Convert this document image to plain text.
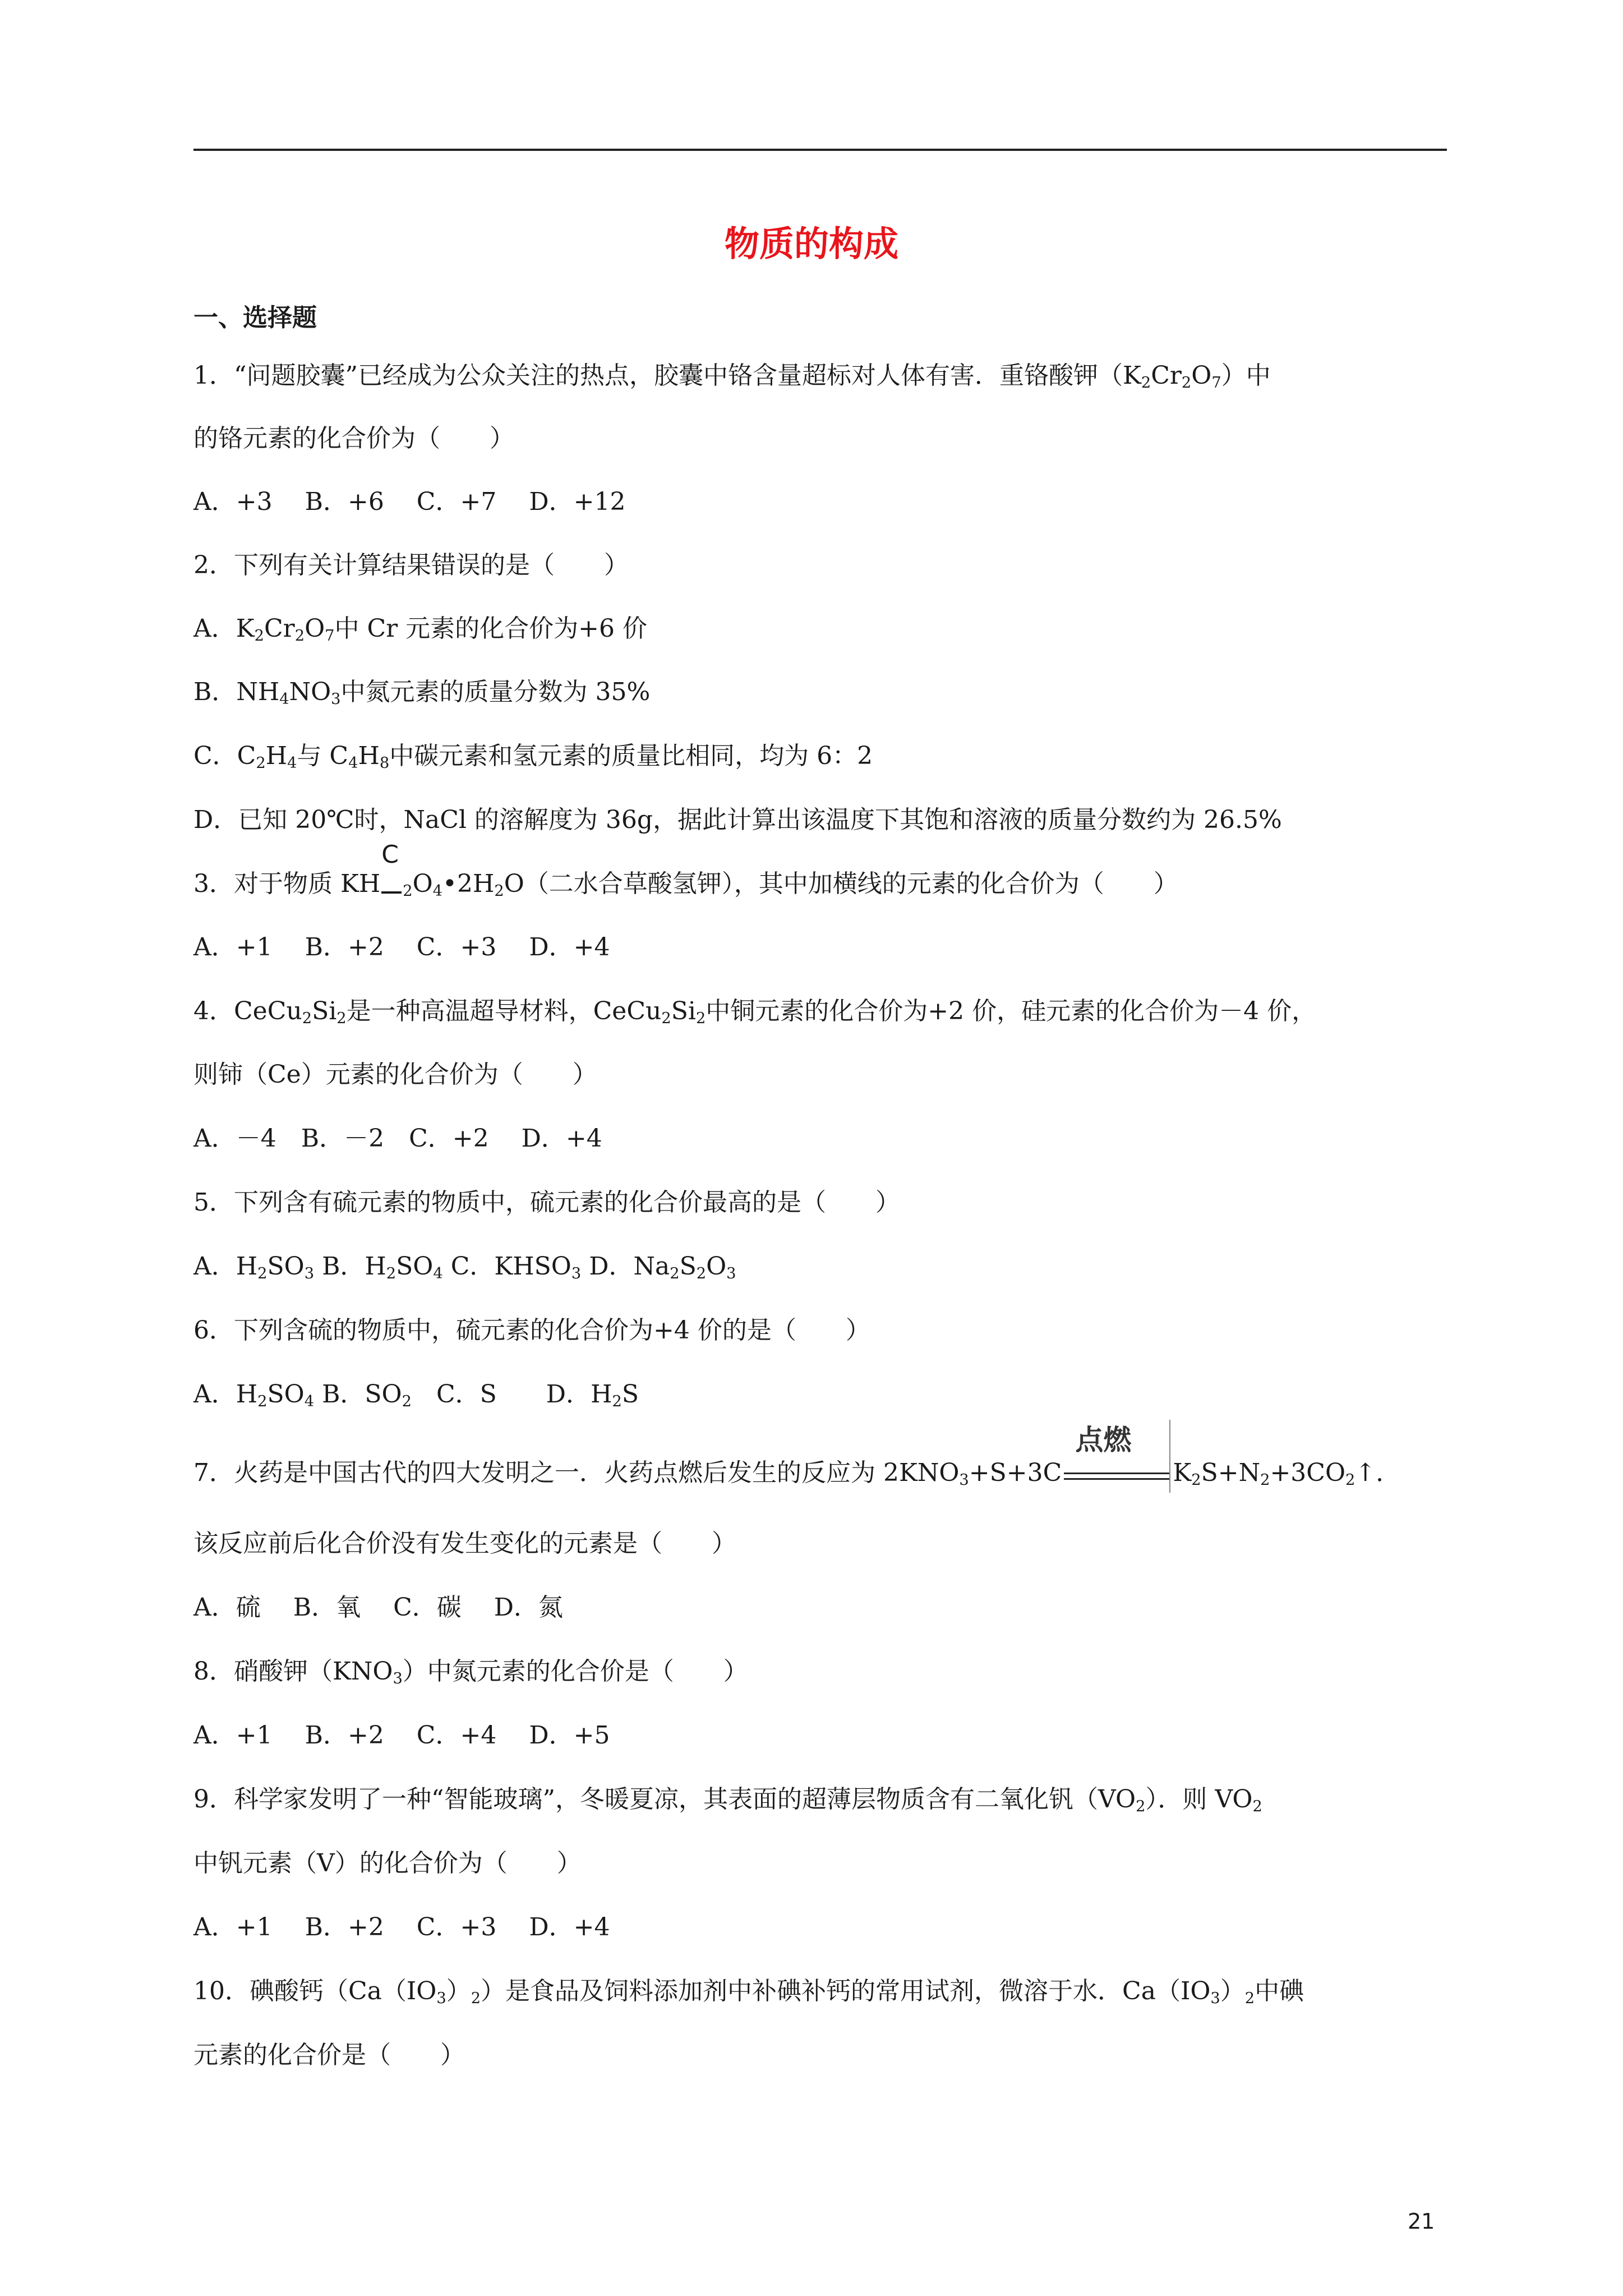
物质的构成
一、选择题
1．“问题胶囊”已经成为公众关注的热点，胶囊中铬含量超标对人体有害．重铬酸钾$(K_2Cr_2O_7)$中
的铬元素的化合价为（　　）
A．+3　 B．+6　 C．+7　 D．+12
2．下列有关计算结果错误的是（　　）
A．$K_2Cr_2O_7$中 Cr 元素的化合价为+6 价
B．$NH_4NO_3$中氮元素的质量分数为 35%
C．$C_2H_4$与 $C_4H_8$中碳元素和氢元素的质量比相同，均为 6：2
D．已知 20℃时，NaCl 的溶解度为 36g，据此计算出该温度下其饱和溶液的质量分数约为 26.5%
3．对于物质 KH
C
$_2O_4•2H_2O$（二水合草酸氢钾），其中加横线的元素的化合价为（　　）
A．+1　 B．+2　 C．+3　 D．+4
4．$CeCu_2Si_2$是一种高温超导材料，$CeCu_2Si_2$中铜元素的化合价为+2 价，硅元素的化合价为－4 价，
则铈（Ce）元素的化合价为（　　）
A．－4　B．－2　C．+2　 D．+4
5．下列含有硫元素的物质中，硫元素的化合价最高的是（　　）
A．$H_2SO_3$ B．$H_2SO_4$ C．$KHSO_3$ D．$Na_2S_2O_3$
6．下列含硫的物质中，硫元素的化合价为+4 价的是（　　）
A．$H_2SO_4$ B．$SO_2$　C．S　　D．$H_2S$
7．火药是中国古代的四大发明之一．火药点燃后发生的反应为 $2KNO_3+S+3C$
点燃
$K_2S+N_2+3CO_2↑$．
该反应前后化合价没有发生变化的元素是（　　）
A．硫　 B．氧　 C．碳　 D．氮
8．硝酸钾$(KNO_3)$中氮元素的化合价是（　　）
A．+1　 B．+2　 C．+4　 D．+5
9．科学家发明了一种“智能玻璃”，冬暖夏凉，其表面的超薄层物质含有二氧化钒$(VO_2)$．则 $VO_2$
中钒元素（V）的化合价为（　　）
A．+1　 B．+2　 C．+3　 D．+4
10．碘酸钙$(Ca(IO_3)_2)$是食品及饲料添加剂中补碘补钙的常用试剂，微溶于水．$Ca(IO_3)_2$中碘
元素的化合价是（　　）
21
